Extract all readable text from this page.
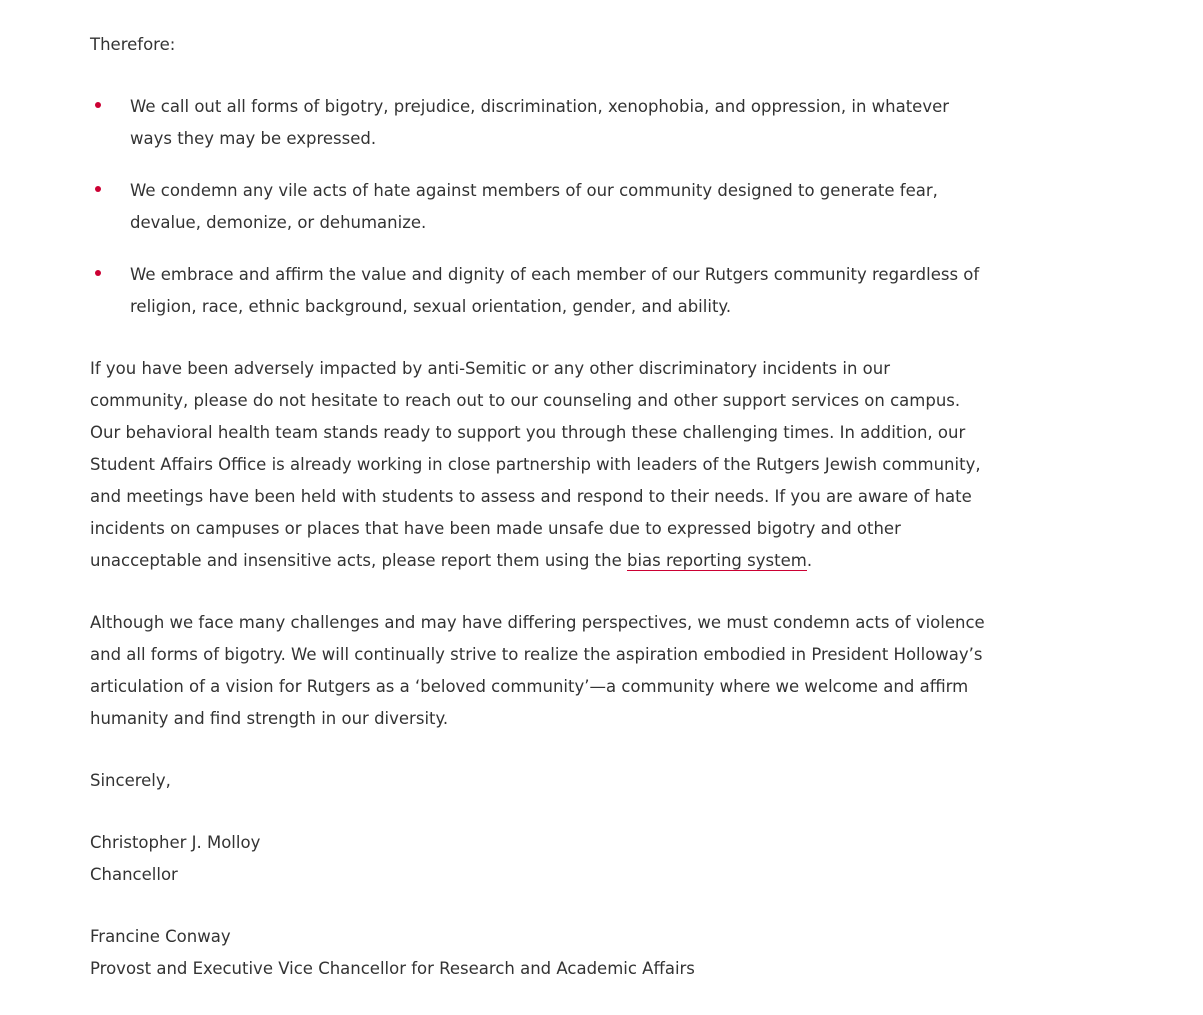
Therefore:

We call out all forms of bigotry, prejudice, discrimination, xenophobia, and oppression, in whatever ways they may be expressed.
We condemn any vile acts of hate against members of our community designed to generate fear, devalue, demonize, or dehumanize.
We embrace and affirm the value and dignity of each member of our Rutgers community regardless of religion, race, ethnic background, sexual orientation, gender, and ability.

If you have been adversely impacted by anti-Semitic or any other discriminatory incidents in our community, please do not hesitate to reach out to our counseling and other support services on campus. Our behavioral health team stands ready to support you through these challenging times. In addition, our Student Affairs Office is already working in close partnership with leaders of the Rutgers Jewish community, and meetings have been held with students to assess and respond to their needs. If you are aware of hate incidents on campuses or places that have been made unsafe due to expressed bigotry and other unacceptable and insensitive acts, please report them using the bias reporting system.

Although we face many challenges and may have differing perspectives, we must condemn acts of violence and all forms of bigotry. We will continually strive to realize the aspiration embodied in President Holloway’s articulation of a vision for Rutgers as a ‘beloved community’—a community where we welcome and affirm humanity and find strength in our diversity.

Sincerely,

Christopher J. Molloy

Chancellor

Francine Conway

Provost and Executive Vice Chancellor for Research and Academic Affairs
